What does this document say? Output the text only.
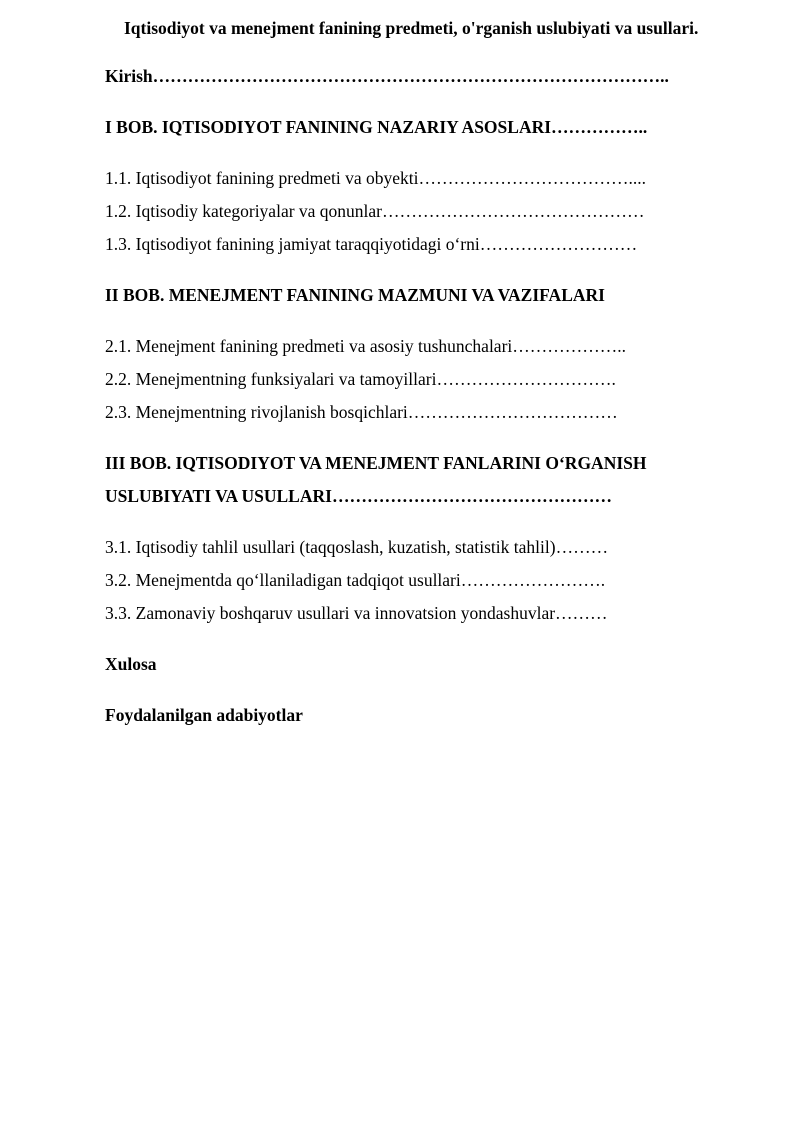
Iqtisodiyot va menejment fanining predmeti, o'rganish uslubiyati va usullari.
Kirish……………………………………………………………………………..
I BOB. IQTISODIYOT FANINING NAZARIY ASOSLARI……………..
1.1. Iqtisodiyot fanining predmeti va obyekti………………………………....
1.2. Iqtisodiy kategoriyalar va qonunlar………………………………………
1.3. Iqtisodiyot fanining jamiyat taraqqiyotidagi o‘rni………………………
II BOB. MENEJMENT FANINING MAZMUNI VA VAZIFALARI
2.1. Menejment fanining predmeti va asosiy tushunchalari………………..
2.2. Menejmentning funksiyalari va tamoyillari………………………….
2.3. Menejmentning rivojlanish bosqichlari………………………………
III BOB. IQTISODIYOT VA MENEJMENT FANLARINI O‘RGANISH
USLUBIYATI VA USULLARI…………………………………………
3.1. Iqtisodiy tahlil usullari (taqqoslash, kuzatish, statistik tahlil)………
3.2. Menejmentda qo‘llaniladigan tadqiqot usullari…………………….
3.3. Zamonaviy boshqaruv usullari va innovatsion yondashuvlar………
Xulosa
Foydalanilgan adabiyotlar
